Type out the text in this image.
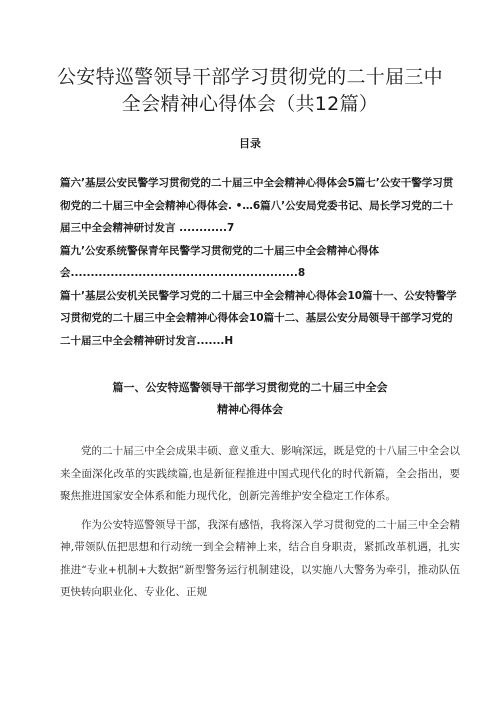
公安特巡警领导干部学习贯彻党的二十届三中
全会精神心得体会（共12篇）
目录

篇六’基层公安民警学习贯彻党的二十届三中全会精神心得体会5篇七’公安干警学习贯彻党的二十届三中全会精神心得体会. •…6篇八’公安局党委书记、局长学习党的二十届三中全会精神研讨发言 ............7

篇九’公安系统警保青年民警学习贯彻党的二十届三中全会精神心得体会.........................................................8

篇十’基层公安机关民警学习党的二十届三中全会精神心得体会10篇十一、公安特警学习贯彻党的二十届三中全会精神心得体会10篇十二、基层公安分局领导干部学习党的二十届三中全会精神研讨发言.......H

篇一、公安特巡警领导干部学习贯彻党的二十届三中全会
精神心得体会

党的二十届三中全会成果丰硕、意义重大、影响深远，既是党的十八届三中全会以来全面深化改革的实践续篇,也是新征程推进中国式现代化的时代新篇，全会指出，要聚焦推进国家安全体系和能力现代化，创新完善维护安全稳定工作体系。

作为公安特巡警领导干部，我深有感悟，我将深入学习贯彻党的二十届三中全会精神,带领队伍把思想和行动统一到全会精神上来，结合自身职责，紧抓改革机遇，扎实推进“专业+机制+大数据”新型警务运行机制建设，以实施八大警务为牵引，推动队伍更快转向职业化、专业化、正规
